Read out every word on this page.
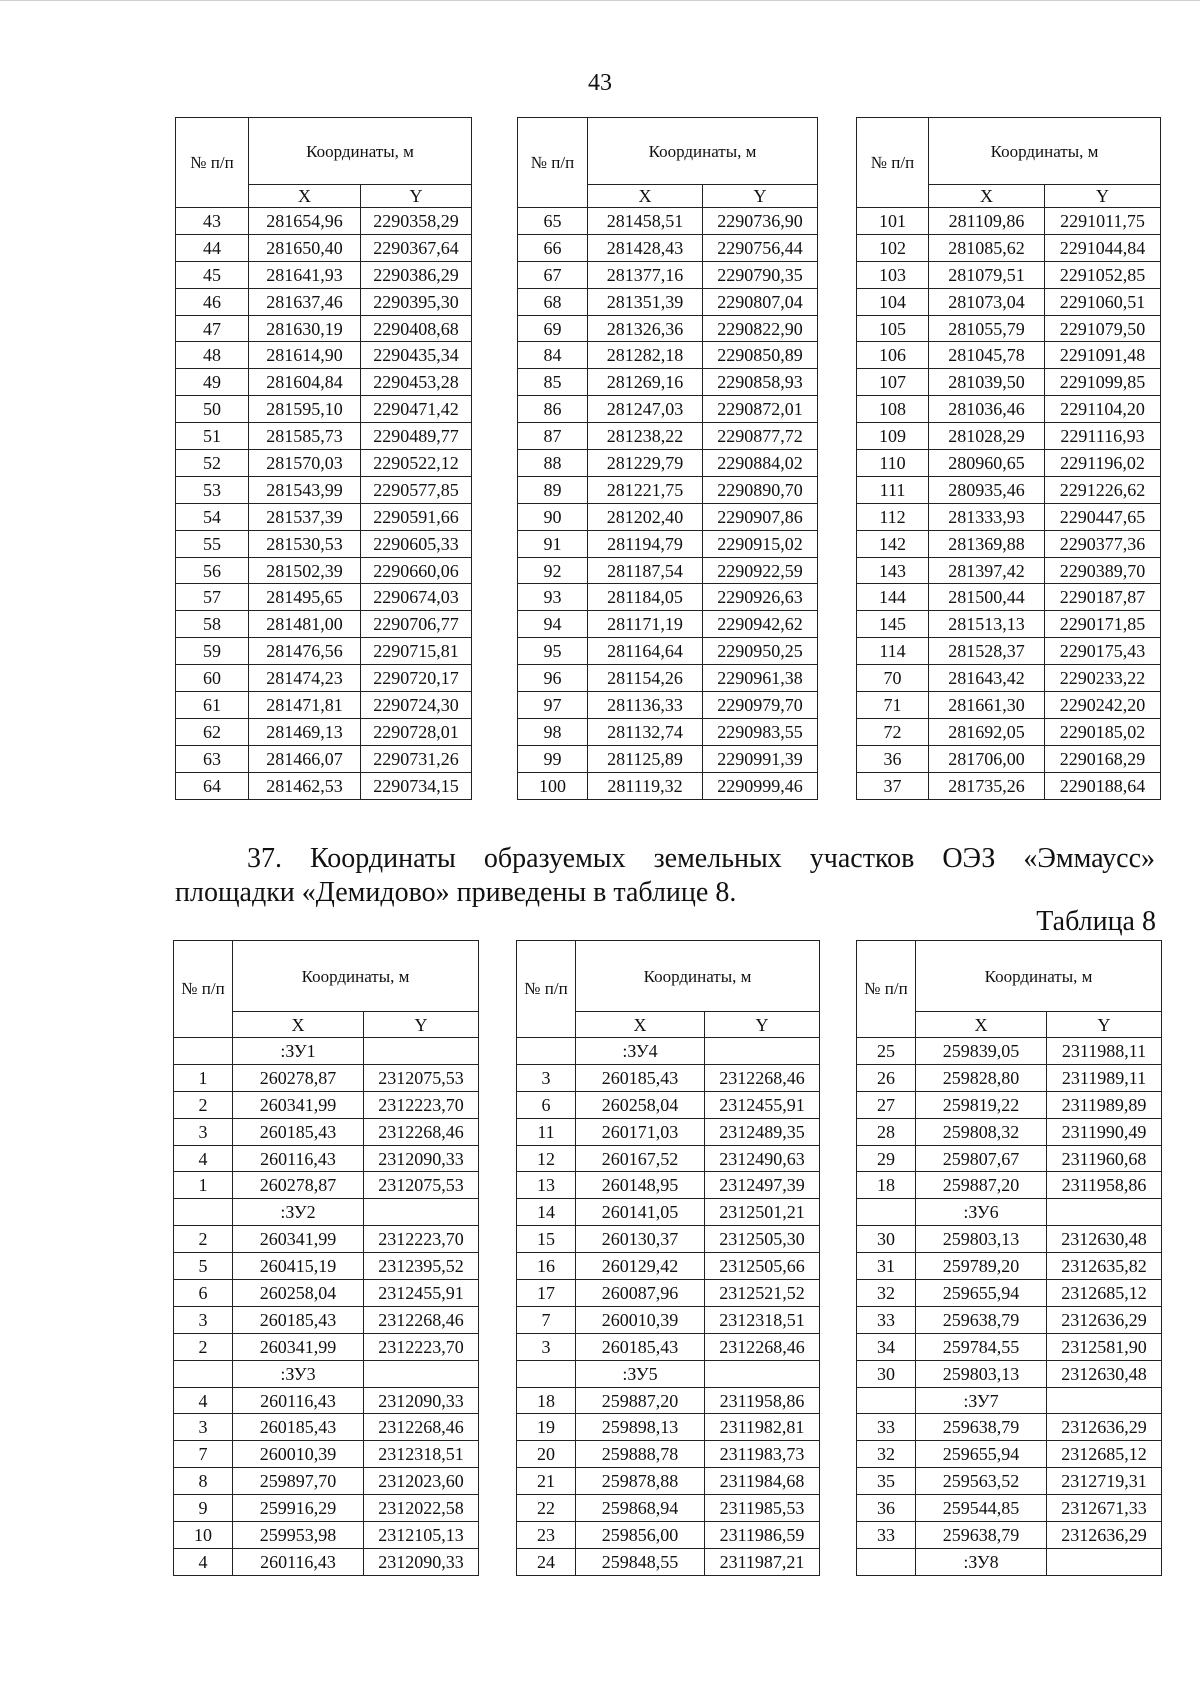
43
№ п/п	Координаты, м	
	X	Y
43	281654,96	2290358,29
44	281650,40	2290367,64
45	281641,93	2290386,29
46	281637,46	2290395,30
47	281630,19	2290408,68
48	281614,90	2290435,34
49	281604,84	2290453,28
50	281595,10	2290471,42
51	281585,73	2290489,77
52	281570,03	2290522,12
53	281543,99	2290577,85
54	281537,39	2290591,66
55	281530,53	2290605,33
56	281502,39	2290660,06
57	281495,65	2290674,03
58	281481,00	2290706,77
59	281476,56	2290715,81
60	281474,23	2290720,17
61	281471,81	2290724,30
62	281469,13	2290728,01
63	281466,07	2290731,26
64	281462,53	2290734,15
№ п/п	Координаты, м	
	X	Y
65	281458,51	2290736,90
66	281428,43	2290756,44
67	281377,16	2290790,35
68	281351,39	2290807,04
69	281326,36	2290822,90
84	281282,18	2290850,89
85	281269,16	2290858,93
86	281247,03	2290872,01
87	281238,22	2290877,72
88	281229,79	2290884,02
89	281221,75	2290890,70
90	281202,40	2290907,86
91	281194,79	2290915,02
92	281187,54	2290922,59
93	281184,05	2290926,63
94	281171,19	2290942,62
95	281164,64	2290950,25
96	281154,26	2290961,38
97	281136,33	2290979,70
98	281132,74	2290983,55
99	281125,89	2290991,39
100	281119,32	2290999,46
№ п/п	Координаты, м	
	X	Y
101	281109,86	2291011,75
102	281085,62	2291044,84
103	281079,51	2291052,85
104	281073,04	2291060,51
105	281055,79	2291079,50
106	281045,78	2291091,48
107	281039,50	2291099,85
108	281036,46	2291104,20
109	281028,29	2291116,93
110	280960,65	2291196,02
111	280935,46	2291226,62
112	281333,93	2290447,65
142	281369,88	2290377,36
143	281397,42	2290389,70
144	281500,44	2290187,87
145	281513,13	2290171,85
114	281528,37	2290175,43
70	281643,42	2290233,22
71	281661,30	2290242,20
72	281692,05	2290185,02
36	281706,00	2290168,29
37	281735,26	2290188,64
№ п/п	Координаты, м	
	X	Y
	:ЗУ1	
1	260278,87	2312075,53
2	260341,99	2312223,70
3	260185,43	2312268,46
4	260116,43	2312090,33
1	260278,87	2312075,53
	:ЗУ2	
2	260341,99	2312223,70
5	260415,19	2312395,52
6	260258,04	2312455,91
3	260185,43	2312268,46
2	260341,99	2312223,70
	:ЗУ3	
4	260116,43	2312090,33
3	260185,43	2312268,46
7	260010,39	2312318,51
8	259897,70	2312023,60
9	259916,29	2312022,58
10	259953,98	2312105,13
4	260116,43	2312090,33
№ п/п	Координаты, м	
	X	Y
	:ЗУ4	
3	260185,43	2312268,46
6	260258,04	2312455,91
11	260171,03	2312489,35
12	260167,52	2312490,63
13	260148,95	2312497,39
14	260141,05	2312501,21
15	260130,37	2312505,30
16	260129,42	2312505,66
17	260087,96	2312521,52
7	260010,39	2312318,51
3	260185,43	2312268,46
	:ЗУ5	
18	259887,20	2311958,86
19	259898,13	2311982,81
20	259888,78	2311983,73
21	259878,88	2311984,68
22	259868,94	2311985,53
23	259856,00	2311986,59
24	259848,55	2311987,21
№ п/п	Координаты, м	
	X	Y
25	259839,05	2311988,11
26	259828,80	2311989,11
27	259819,22	2311989,89
28	259808,32	2311990,49
29	259807,67	2311960,68
18	259887,20	2311958,86
	:ЗУ6	
30	259803,13	2312630,48
31	259789,20	2312635,82
32	259655,94	2312685,12
33	259638,79	2312636,29
34	259784,55	2312581,90
30	259803,13	2312630,48
	:ЗУ7	
33	259638,79	2312636,29
32	259655,94	2312685,12
35	259563,52	2312719,31
36	259544,85	2312671,33
33	259638,79	2312636,29
	:ЗУ8	

37. Координаты образуемых земельных участков ОЭЗ «Эммаусс» площадки «Демидово» приведены в таблице 8.

Таблица 8
